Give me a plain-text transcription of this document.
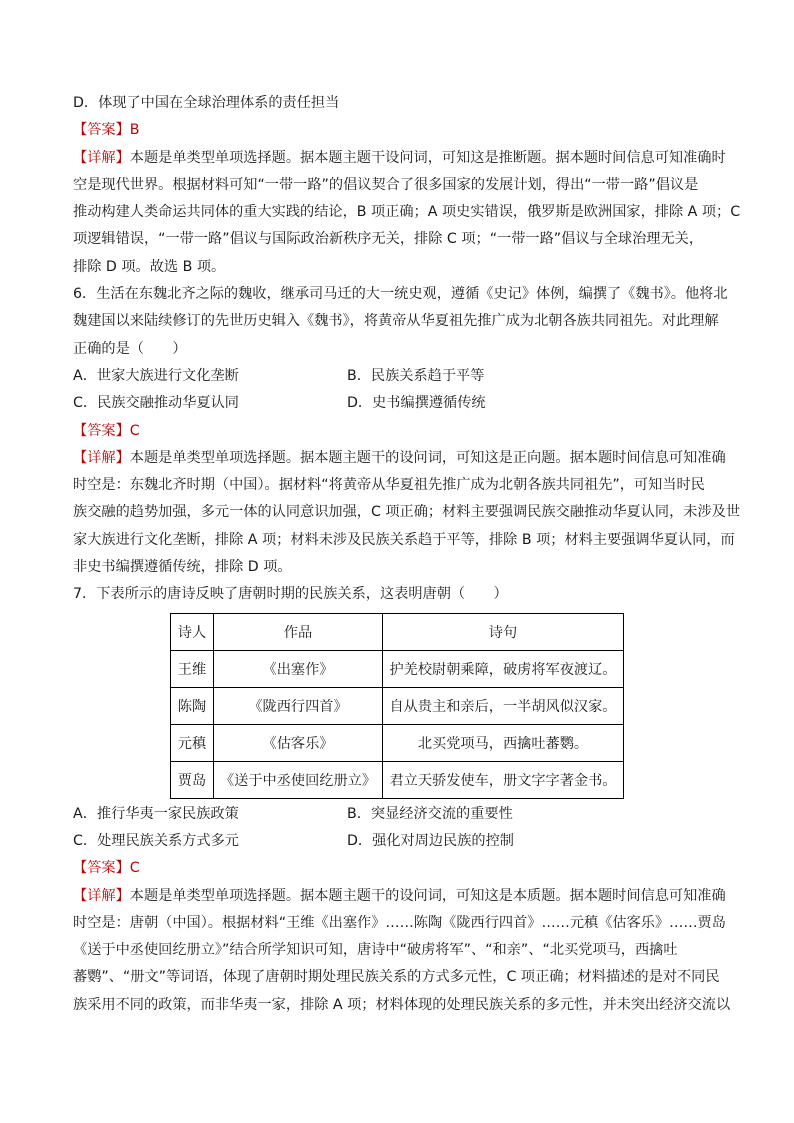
D．体现了中国在全球治理体系的责任担当
【答案】B
【详解】本题是单类型单项选择题。据本题主题干设问词，可知这是推断题。据本题时间信息可知准确时
空是现代世界。根据材料可知“一带一路”的倡议契合了很多国家的发展计划，得出“一带一路”倡议是
推动构建人类命运共同体的重大实践的结论，B 项正确；A 项史实错误，俄罗斯是欧洲国家，排除 A 项；C
项逻辑错误，“一带一路”倡议与国际政治新秩序无关，排除 C 项；“一带一路”倡议与全球治理无关，
排除 D 项。故选 B 项。
6．生活在东魏北齐之际的魏收，继承司马迁的大一统史观，遵循《史记》体例，编撰了《魏书》。他将北
魏建国以来陆续修订的先世历史辑入《魏书》，将黄帝从华夏祖先推广成为北朝各族共同祖先。对此理解
正确的是（　　）
A．世家大族进行文化垄断	B．民族关系趋于平等
C．民族交融推动华夏认同	D．史书编撰遵循传统
【答案】C
【详解】本题是单类型单项选择题。据本题主题干的设问词，可知这是正向题。据本题时间信息可知准确
时空是：东魏北齐时期（中国）。据材料“将黄帝从华夏祖先推广成为北朝各族共同祖先”，可知当时民
族交融的趋势加强，多元一体的认同意识加强，C 项正确；材料主要强调民族交融推动华夏认同，未涉及世
家大族进行文化垄断，排除 A 项；材料未涉及民族关系趋于平等，排除 B 项；材料主要强调华夏认同，而
非史书编撰遵循传统，排除 D 项。
7．下表所示的唐诗反映了唐朝时期的民族关系，这表明唐朝（　　）
诗人	作品	诗句
王维	《出塞作》	护羌校尉朝乘障，破虏将军夜渡辽。
陈陶	《陇西行四首》	自从贵主和亲后，一半胡风似汉家。
元稹	《估客乐》	北买党项马，西擒吐蕃鹦。
贾岛	《送于中丞使回纥册立》	君立天骄发使车，册文字字著金书。
A．推行华夷一家民族政策	B．突显经济交流的重要性
C．处理民族关系方式多元	D．强化对周边民族的控制
【答案】C
【详解】本题是单类型单项选择题。据本题主题干的设问词，可知这是本质题。据本题时间信息可知准确
时空是：唐朝（中国）。根据材料“王维《出塞作》……陈陶《陇西行四首》……元稹《估客乐》……贾岛
《送于中丞使回纥册立》”结合所学知识可知，唐诗中“破虏将军”、“和亲”、“北买党项马，西擒吐
蕃鹦”、“册文”等词语，体现了唐朝时期处理民族关系的方式多元性，C 项正确；材料描述的是对不同民
族采用不同的政策，而非华夷一家，排除 A 项；材料体现的处理民族关系的多元性，并未突出经济交流以
